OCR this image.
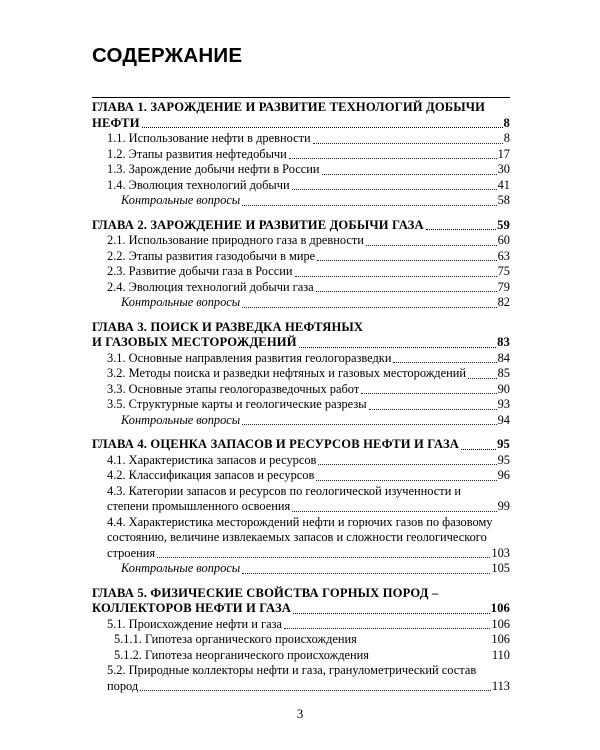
СОДЕРЖАНИЕ
ГЛАВА 1. ЗАРОЖДЕНИЕ И РАЗВИТИЕ ТЕХНОЛОГИЙ ДОБЫЧИ
НЕФТИ	8
1.1. Использование нефти в древности	8
1.2. Этапы развития нефтедобычи	17
1.3. Зарождение добычи нефти в России	30
1.4. Эволюция технологий добычи	41
Контрольные вопросы	58
ГЛАВА 2. ЗАРОЖДЕНИЕ И РАЗВИТИЕ ДОБЫЧИ ГАЗА	59
2.1. Использование природного газа в древности	60
2.2. Этапы развития газодобычи в мире	63
2.3. Развитие добычи газа в России	75
2.4. Эволюция технологий добычи газа	79
Контрольные вопросы	82
ГЛАВА 3. ПОИСК И РАЗВЕДКА НЕФТЯНЫХ
И ГАЗОВЫХ МЕСТОРОЖДЕНИЙ	83
3.1. Основные направления развития геологоразведки	84
3.2. Методы поиска и разведки нефтяных и газовых месторождений	85
3.3. Основные этапы геологоразведочных работ	90
3.5. Структурные карты и геологические разрезы	93
Контрольные вопросы	94
ГЛАВА 4. ОЦЕНКА ЗАПАСОВ И РЕСУРСОВ НЕФТИ И ГАЗА	95
4.1. Характеристика запасов и ресурсов	95
4.2. Классификация запасов и ресурсов	96
4.3. Категории запасов и ресурсов по геологической изученности и
степени промышленного освоения	99
4.4. Характеристика месторождений нефти и горючих газов по фазовому
состоянию, величине извлекаемых запасов и сложности геологического
строения	103
Контрольные вопросы	105
ГЛАВА 5. ФИЗИЧЕСКИЕ СВОЙСТВА ГОРНЫХ ПОРОД –
КОЛЛЕКТОРОВ НЕФТИ И ГАЗА	106
5.1. Происхождение нефти и газа	106
5.1.1. Гипотеза органического происхождения	106
5.1.2. Гипотеза неорганического происхождения	110
5.2. Природные коллекторы нефти и газа, гранулометрический состав
пород	113
3
